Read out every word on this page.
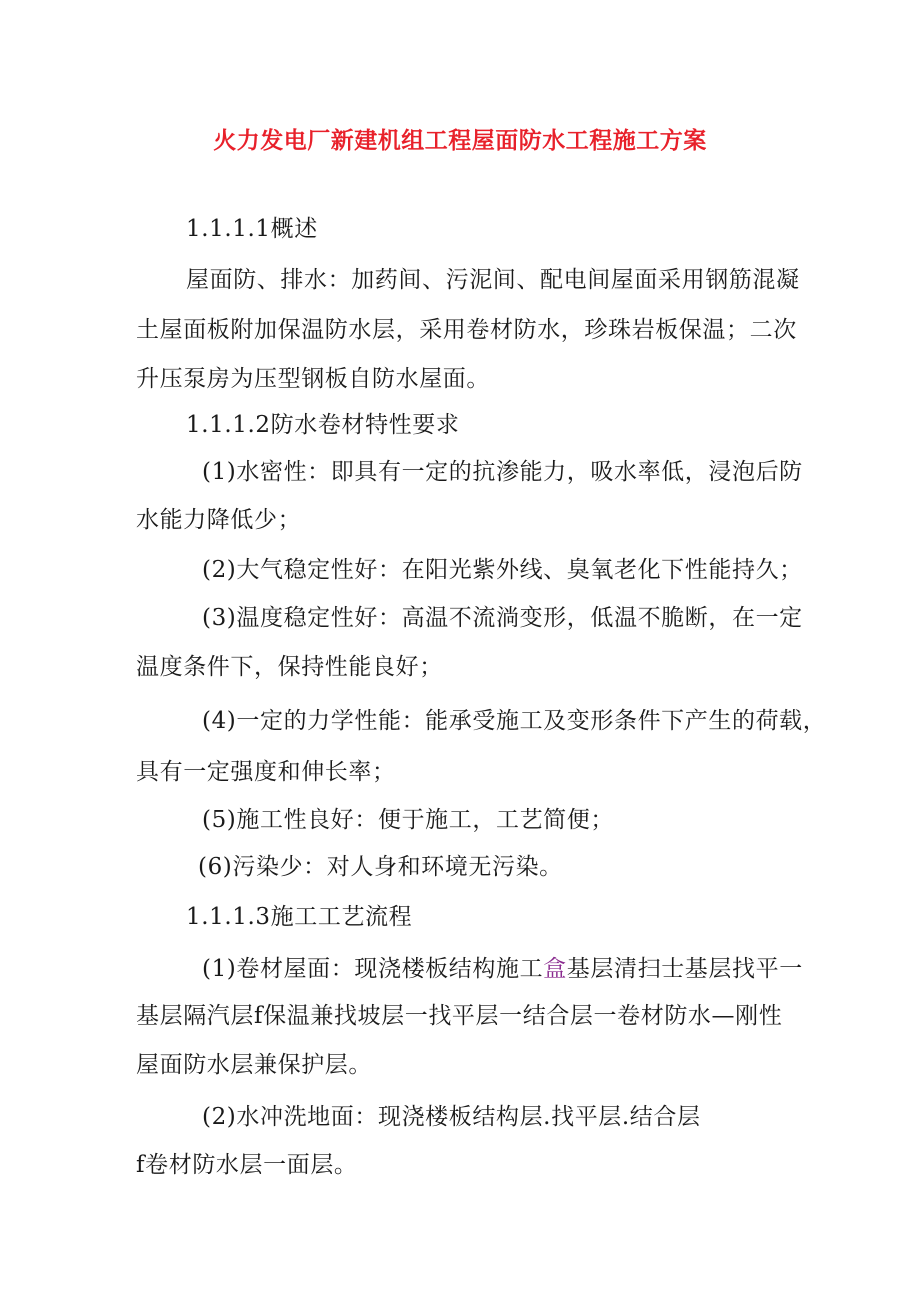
火力发电厂新建机组工程屋面防水工程施工方案
1.1.1.1概述
屋面防、排水：加药间、污泥间、配电间屋面采用钢筋混凝
土屋面板附加保温防水层，采用卷材防水，珍珠岩板保温；二次
升压泵房为压型钢板自防水屋面。
1.1.1.2防水卷材特性要求
(1)水密性：即具有一定的抗渗能力，吸水率低，浸泡后防
水能力降低少；
(2)大气稳定性好：在阳光紫外线、臭氧老化下性能持久；
(3)温度稳定性好：高温不流淌变形，低温不脆断，在一定
温度条件下，保持性能良好；
(4)一定的力学性能：能承受施工及变形条件下产生的荷载，
具有一定强度和伸长率；
(5)施工性良好：便于施工，工艺简便；
(6)污染少：对人身和环境无污染。
1.1.1.3施工工艺流程
(1)卷材屋面：现浇楼板结构施工盒基层清扫士基层找平一
基层隔汽层f保温兼找坡层一找平层一结合层一卷材防水—刚性
屋面防水层兼保护层。
(2)水冲洗地面：现浇楼板结构层.找平层.结合层
f卷材防水层一面层。
